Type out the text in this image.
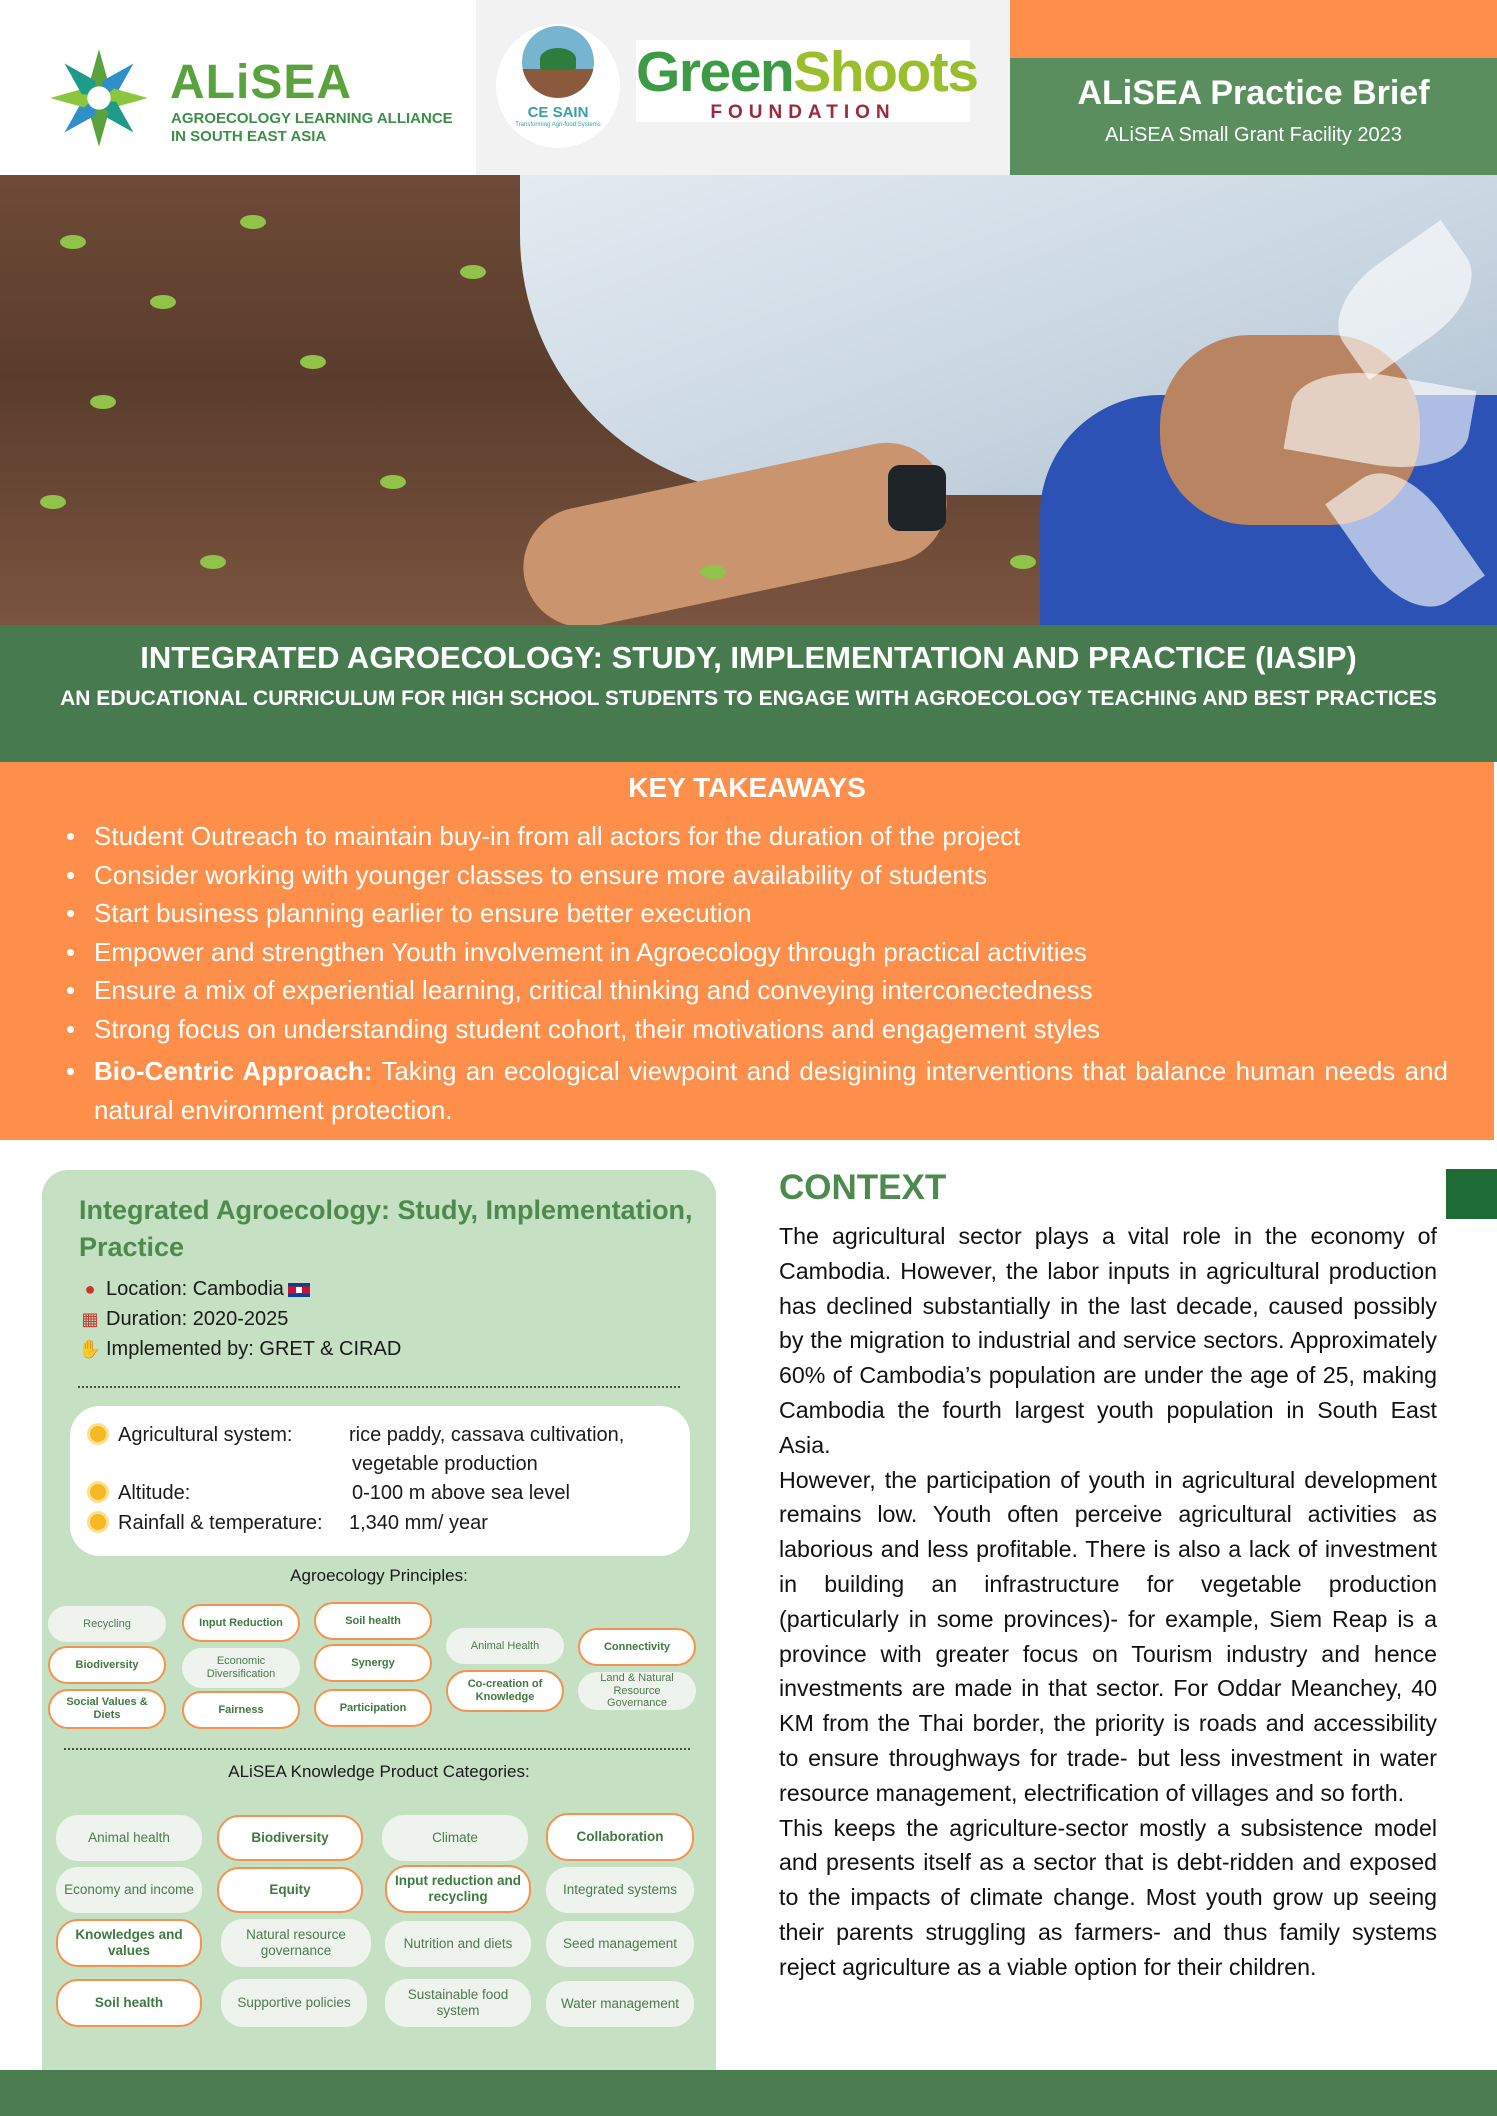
ALiSEA
AGROECOLOGY LEARNING ALLIANCE
IN SOUTH EAST ASIA
CE SAIN
Transforming Agri-food Systems
GreenShoots
FOUNDATION
ALiSEA Practice Brief
ALiSEA Small Grant Facility 2023
INTEGRATED AGROECOLOGY: STUDY, IMPLEMENTATION AND PRACTICE (IASIP)
AN EDUCATIONAL CURRICULUM FOR HIGH SCHOOL STUDENTS TO ENGAGE WITH AGROECOLOGY TEACHING AND BEST PRACTICES
KEY TAKEAWAYS
• Student Outreach to maintain buy-in from all actors for the duration of the project
• Consider working with younger classes to ensure more availability of students
• Start business planning earlier to ensure better execution
• Empower and strengthen Youth involvement in Agroecology through practical activities
• Ensure a mix of experiential learning, critical thinking and conveying interconectedness
• Strong focus on understanding student cohort, their motivations and engagement styles
• Bio-Centric Approach: Taking an ecological viewpoint and desigining interventions that balance human needs and natural environment protection.
Integrated Agroecology: Study, Implementation, Practice
● Location: Cambodia
▦ Duration: 2020-2025
✋ Implemented by: GRET & CIRAD
Agricultural system:	rice paddy, cassava cultivation,
vegetable production
Altitude:	0-100 m above sea level
Rainfall & temperature: 1,340 mm/ year
Agroecology Principles:
Recycling	Input Reduction	Soil health
Biodiversity	Economic Diversification
Synergy
Animal Health	Connectivity
Social Values & Diets	Fairness	Participation
Co-creation of Knowledge
Land & Natural Resource Governance
ALiSEA Knowledge Product Categories:
Animal health	Biodiversity	Climate	Collaboration
Economy and income	Equity
Input reduction and recycling	Integrated systems
Knowledges and values
Natural resource governance	Nutrition and diets	Seed management
Soil health	Supportive policies
Sustainable food system	Water management
CONTEXT

The agricultural sector plays a vital role in the economy of Cambodia. However, the labor inputs in agricultural production has declined substantially in the last decade, caused possibly by the migration to industrial and service sectors. Approximately 60% of Cambodia’s population are under the age of 25, making Cambodia the fourth largest youth population in South East Asia.

However, the participation of youth in agricultural development remains low. Youth often perceive agricultural activities as laborious and less profitable. There is also a lack of investment in building an infrastructure for vegetable production (particularly in some provinces)- for example, Siem Reap is a province with greater focus on Tourism industry and hence investments are made in that sector. For Oddar Meanchey, 40 KM from the Thai border, the priority is roads and accessibility to ensure throughways for trade- but less investment in water resource management, electrification of villages and so forth.

This keeps the agriculture-sector mostly a subsistence model and presents itself as a sector that is debt-ridden and exposed to the impacts of climate change. Most youth grow up seeing their parents struggling as farmers- and thus family systems reject agriculture as a viable option for their children.
